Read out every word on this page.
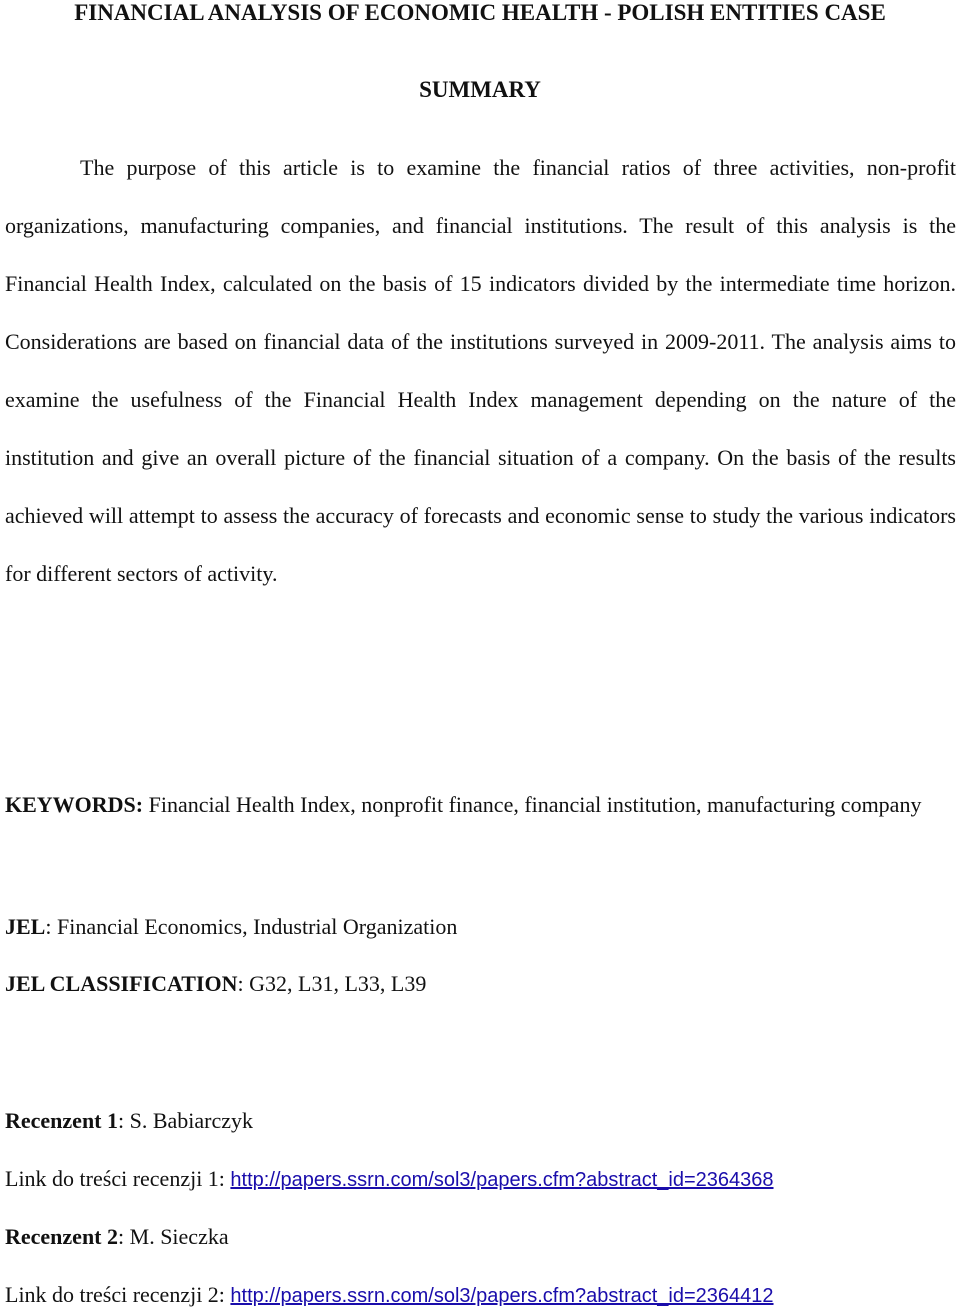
FINANCIAL ANALYSIS OF ECONOMIC HEALTH - POLISH ENTITIES CASE
SUMMARY

The purpose of this article is to examine the financial ratios of three activities, non-profit organizations, manufacturing companies, and financial institutions. The result of this analysis is the Financial Health Index, calculated on the basis of 15 indicators divided by the intermediate time horizon. Considerations are based on financial data of the institutions surveyed in 2009-2011. The analysis aims to examine the usefulness of the Financial Health Index management depending on the nature of the institution and give an overall picture of the financial situation of a company. On the basis of the results achieved will attempt to assess the accuracy of forecasts and economic sense to study the various indicators for different sectors of activity.

KEYWORDS: Financial Health Index, nonprofit finance, financial institution, manufacturing company

JEL: Financial Economics, Industrial Organization

JEL CLASSIFICATION: G32, L31, L33, L39

Recenzent 1: S. Babiarczyk

Link do treści recenzji 1: http://papers.ssrn.com/sol3/papers.cfm?abstract_id=2364368

Recenzent 2: M. Sieczka

Link do treści recenzji 2: http://papers.ssrn.com/sol3/papers.cfm?abstract_id=2364412
